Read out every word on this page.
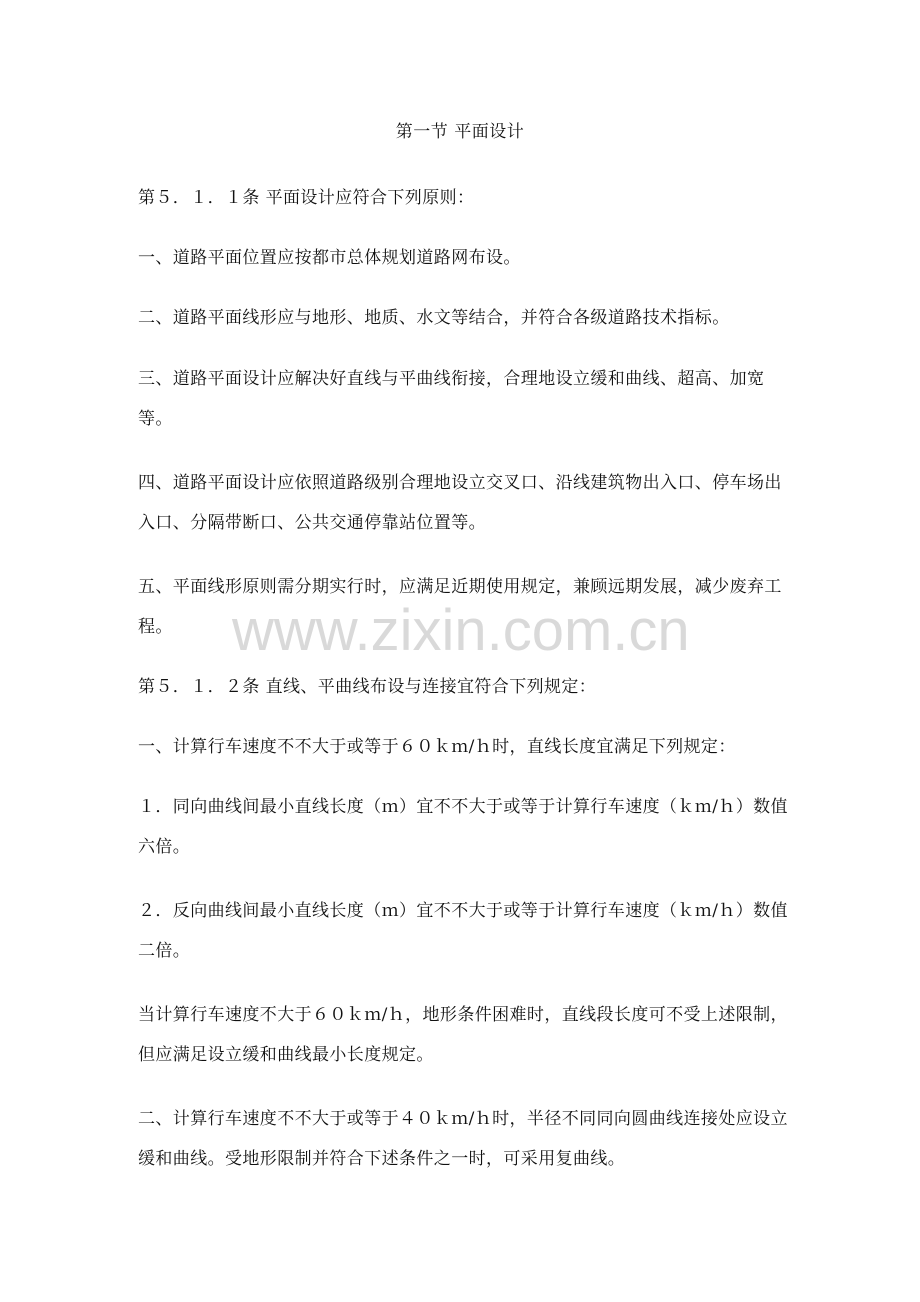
第一节 平面设计

第５．１．１条 平面设计应符合下列原则：

一、道路平面位置应按都市总体规划道路网布设。

二、道路平面线形应与地形、地质、水文等结合，并符合各级道路技术指标。

三、道路平面设计应解决好直线与平曲线衔接，合理地设立缓和曲线、超高、加宽等。

四、道路平面设计应依照道路级别合理地设立交叉口、沿线建筑物出入口、停车场出入口、分隔带断口、公共交通停靠站位置等。

五、平面线形原则需分期实行时，应满足近期使用规定，兼顾远期发展，减少废弃工程。

第５．１．２条 直线、平曲线布设与连接宜符合下列规定：

一、计算行车速度不不大于或等于６０ｋｍ/ｈ时，直线长度宜满足下列规定：

１．同向曲线间最小直线长度（ｍ）宜不不大于或等于计算行车速度（ｋｍ/ｈ）数值六倍。

２．反向曲线间最小直线长度（ｍ）宜不不大于或等于计算行车速度（ｋｍ/ｈ）数值二倍。

当计算行车速度不大于６０ｋｍ/ｈ，地形条件困难时，直线段长度可不受上述限制，但应满足设立缓和曲线最小长度规定。

二、计算行车速度不不大于或等于４０ｋｍ/ｈ时，半径不同同向圆曲线连接处应设立缓和曲线。受地形限制并符合下述条件之一时，可采用复曲线。

www.zixin.com.cn
